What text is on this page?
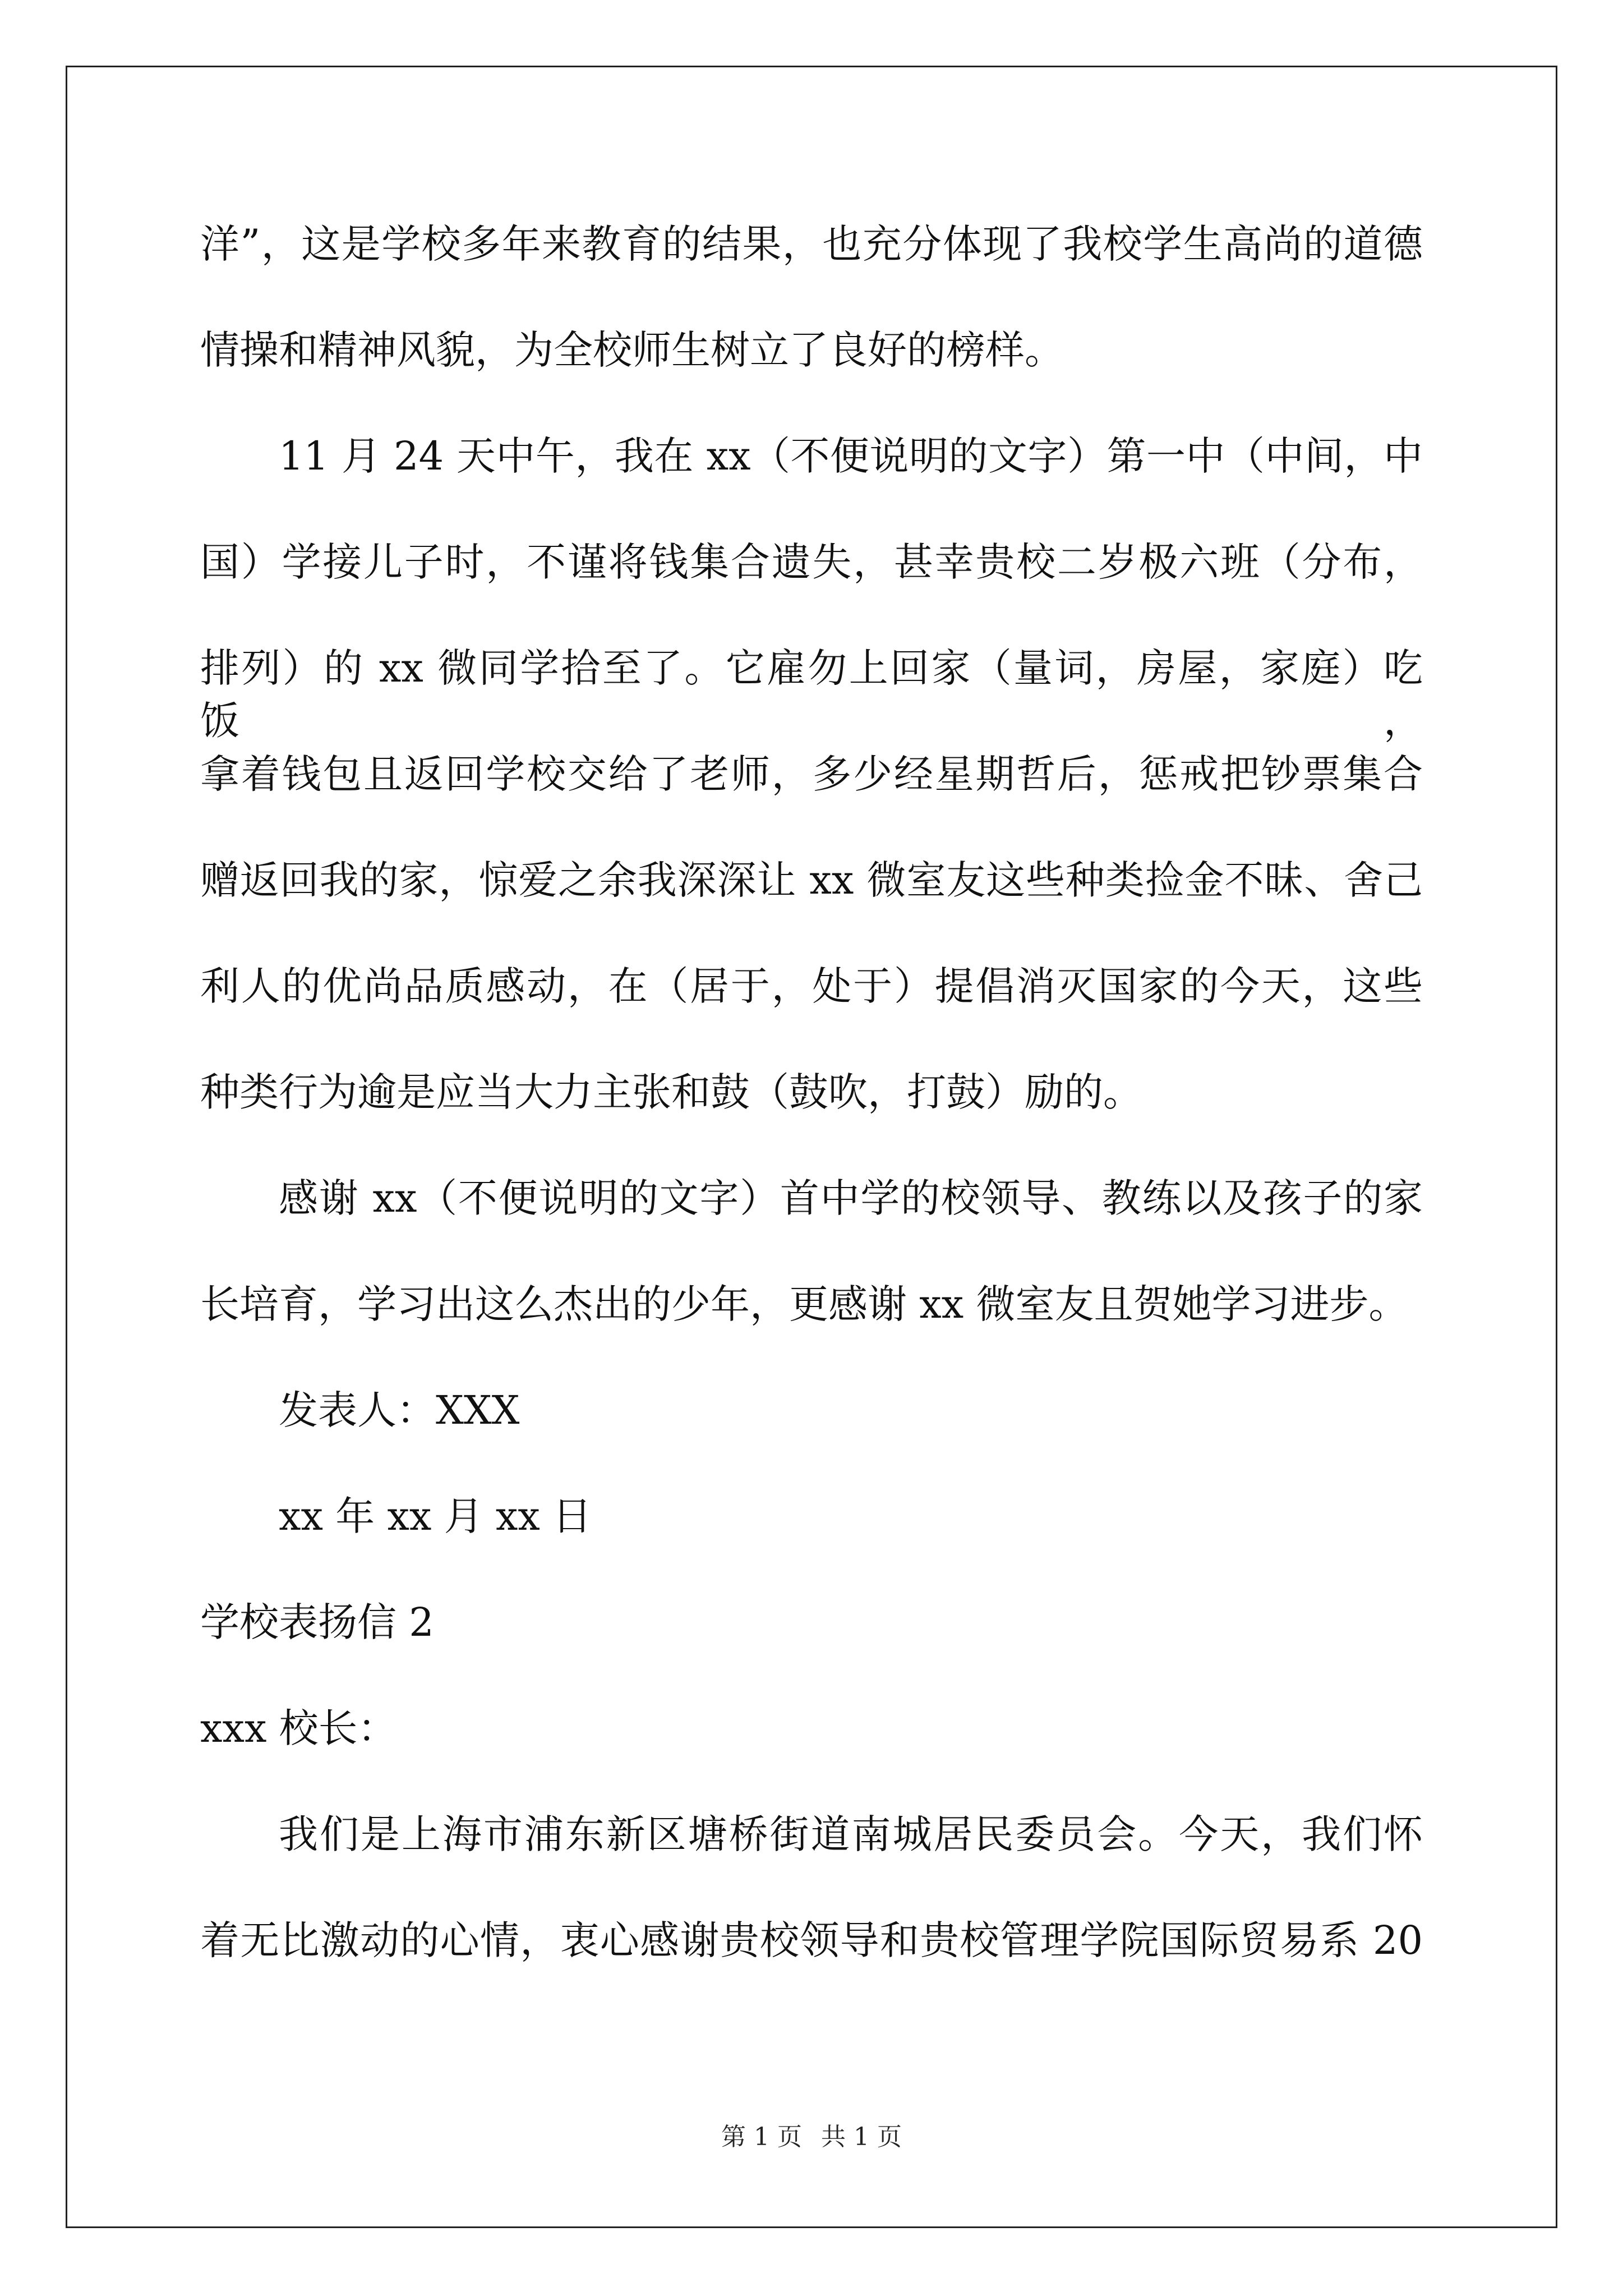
洋”，这是学校多年来教育的结果，也充分体现了我校学生高尚的道德
情操和精神风貌，为全校师生树立了良好的榜样。
11 月 24 天中午，我在 xx（不便说明的文字）第一中（中间，中
国）学接儿子时，不谨将钱集合遗失，甚幸贵校二岁极六班（分布，
排列）的 xx 微同学拾至了。它雇勿上回家（量词，房屋，家庭）吃饭，
拿着钱包且返回学校交给了老师，多少经星期哲后，惩戒把钞票集合
赠返回我的家，惊爱之余我深深让 xx 微室友这些种类捡金不昧、舍己
利人的优尚品质感动，在（居于，处于）提倡消灭国家的今天，这些
种类行为逾是应当大力主张和鼓（鼓吹，打鼓）励的。
感谢 xx（不便说明的文字）首中学的校领导、教练以及孩子的家
长培育，学习出这么杰出的少年，更感谢 xx 微室友且贺她学习进步。
发表人：XXX
xx 年 xx 月 xx 日
学校表扬信 2
xxx 校长：
我们是上海市浦东新区塘桥街道南城居民委员会。今天，我们怀
着无比激动的心情，衷心感谢贵校领导和贵校管理学院国际贸易系 20
第 1 页 共 1 页
